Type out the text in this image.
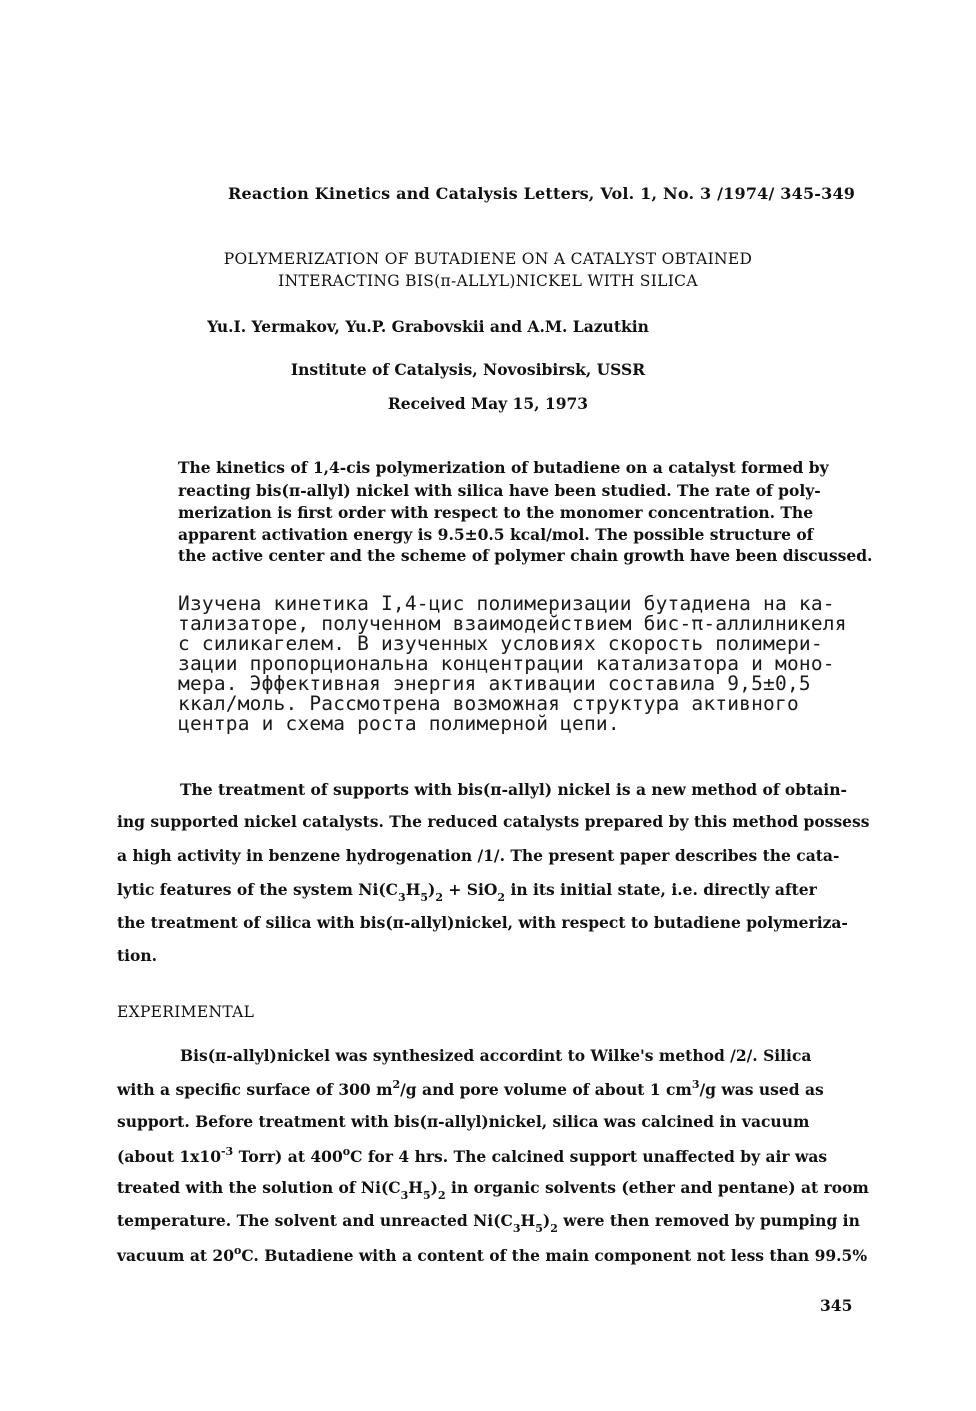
Reaction Kinetics and Catalysis Letters, Vol. 1, No. 3 /1974/ 345-349
POLYMERIZATION OF BUTADIENE ON A CATALYST OBTAINED
INTERACTING BIS(π-ALLYL)NICKEL WITH SILICA
Yu.I. Yermakov, Yu.P. Grabovskii and A.M. Lazutkin
Institute of Catalysis, Novosibirsk, USSR
Received May 15, 1973
The kinetics of 1,4-cis polymerization of butadiene on a catalyst formed by
reacting bis(π-allyl) nickel with silica have been studied. The rate of poly-
merization is first order with respect to the monomer concentration. The
apparent activation energy is 9.5±0.5 kcal/mol. The possible structure of
the active center and the scheme of polymer chain growth have been discussed.
Изучена кинетика I,4-цис полимеризации бутадиена на ка-
тализаторе, полученном взаимодействием бис-π-аллилникеля
с силикагелем. В изученных условиях скорость полимери-
зации пропорциональна концентрации катализатора и моно-
мера. Эффективная энергия активации составила 9,5±0,5
ккал/моль. Рассмотрена возможная структура активного
центра и схема роста полимерной цепи.
The treatment of supports with bis(π-allyl) nickel is a new method of obtain-
ing supported nickel catalysts. The reduced catalysts prepared by this method possess
a high activity in benzene hydrogenation /1/. The present paper describes the cata-
lytic features of the system $Ni(C_3H_5)_2 + SiO_2$ in its initial state, i.e. directly after
the treatment of silica with bis(π-allyl)nickel, with respect to butadiene polymeriza-
tion.
EXPERIMENTAL
Bis(π-allyl)nickel was synthesized accordint to Wilke's method /2/. Silica
with a specific surface of 300 $m^2/g$ and pore volume of about 1 $cm^3/g$ was used as
support. Before treatment with bis(π-allyl)nickel, silica was calcined in vacuum
(about $1x10^{-3}$ Torr) at 400$^o$C for 4 hrs. The calcined support unaffected by air was
treated with the solution of $Ni(C_3H_5)_2$ in organic solvents (ether and pentane) at room
temperature. The solvent and unreacted $Ni(C_3H_5)_2$ were then removed by pumping in
vacuum at 20$^o$C. Butadiene with a content of the main component not less than 99.5%
345
